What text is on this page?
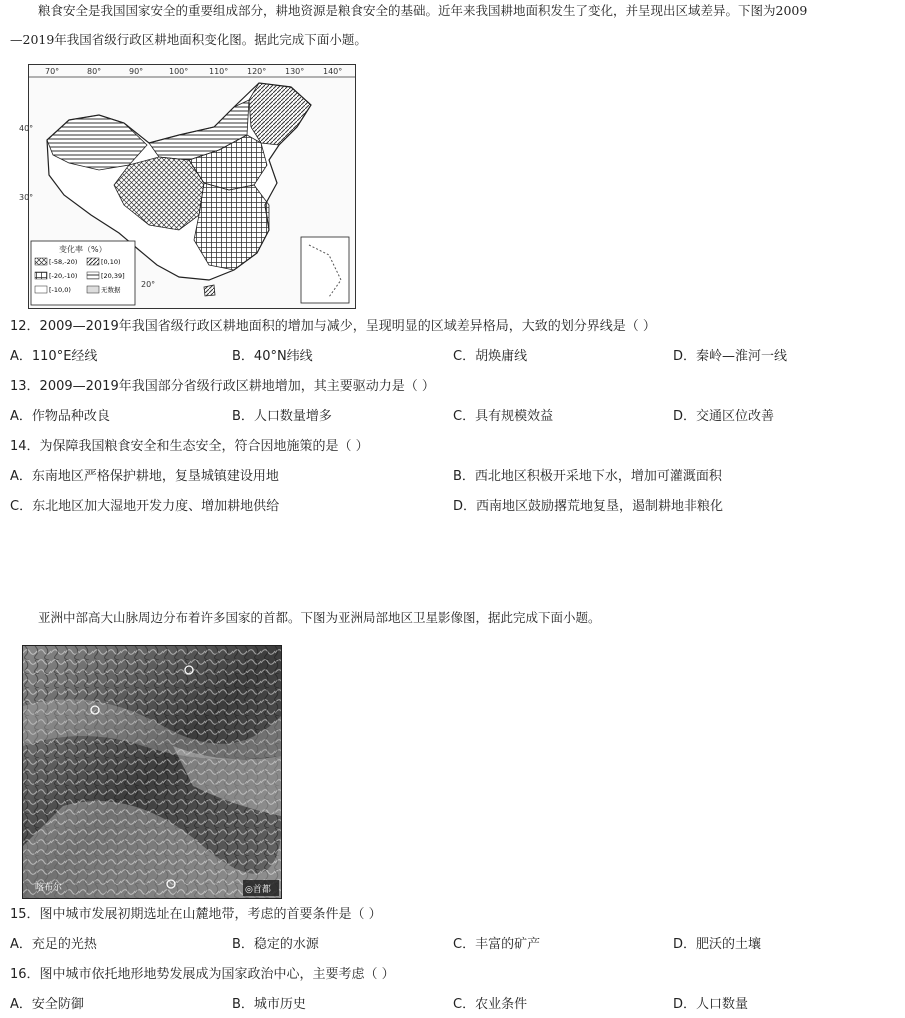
粮食安全是我国国家安全的重要组成部分，耕地资源是粮食安全的基础。近年来我国耕地面积发生了变化，并呈现出区域差异。下图为2009
—2019年我国省级行政区耕地面积变化图。据此完成下面小题。
70°	80°	90°	100°	110° 120° 130° 140°
40°
30°
20°
变化率（%）
[-58,-20)	[0,10)
[-20,-10)	[20,39]
[-10,0)	无数据
12．2009—2019年我国省级行政区耕地面积的增加与减少，呈现明显的区域差异格局，大致的划分界线是（ ）
A．110°E经线	B．40°N纬线	C．胡焕庸线	D．秦岭—淮河一线
13．2009—2019年我国部分省级行政区耕地增加，其主要驱动力是（ ）
A．作物品种改良	B．人口数量增多	C．具有规模效益	D．交通区位改善
14．为保障我国粮食安全和生态安全，符合因地施策的是（ ）
A．东南地区严格保护耕地，复垦城镇建设用地	B．西北地区积极开采地下水，增加可灌溉面积
C．东北地区加大湿地开发力度、增加耕地供给	D．西南地区鼓励撂荒地复垦，遏制耕地非粮化
亚洲中部高大山脉周边分布着许多国家的首都。下图为亚洲局部地区卫星影像图，据此完成下面小题。
喀布尔	◎首都
15．图中城市发展初期选址在山麓地带，考虑的首要条件是（ ）
A．充足的光热	B．稳定的水源	C．丰富的矿产	D．肥沃的土壤
16．图中城市依托地形地势发展成为国家政治中心，主要考虑（ ）
A．安全防御	B．城市历史	C．农业条件	D．人口数量
